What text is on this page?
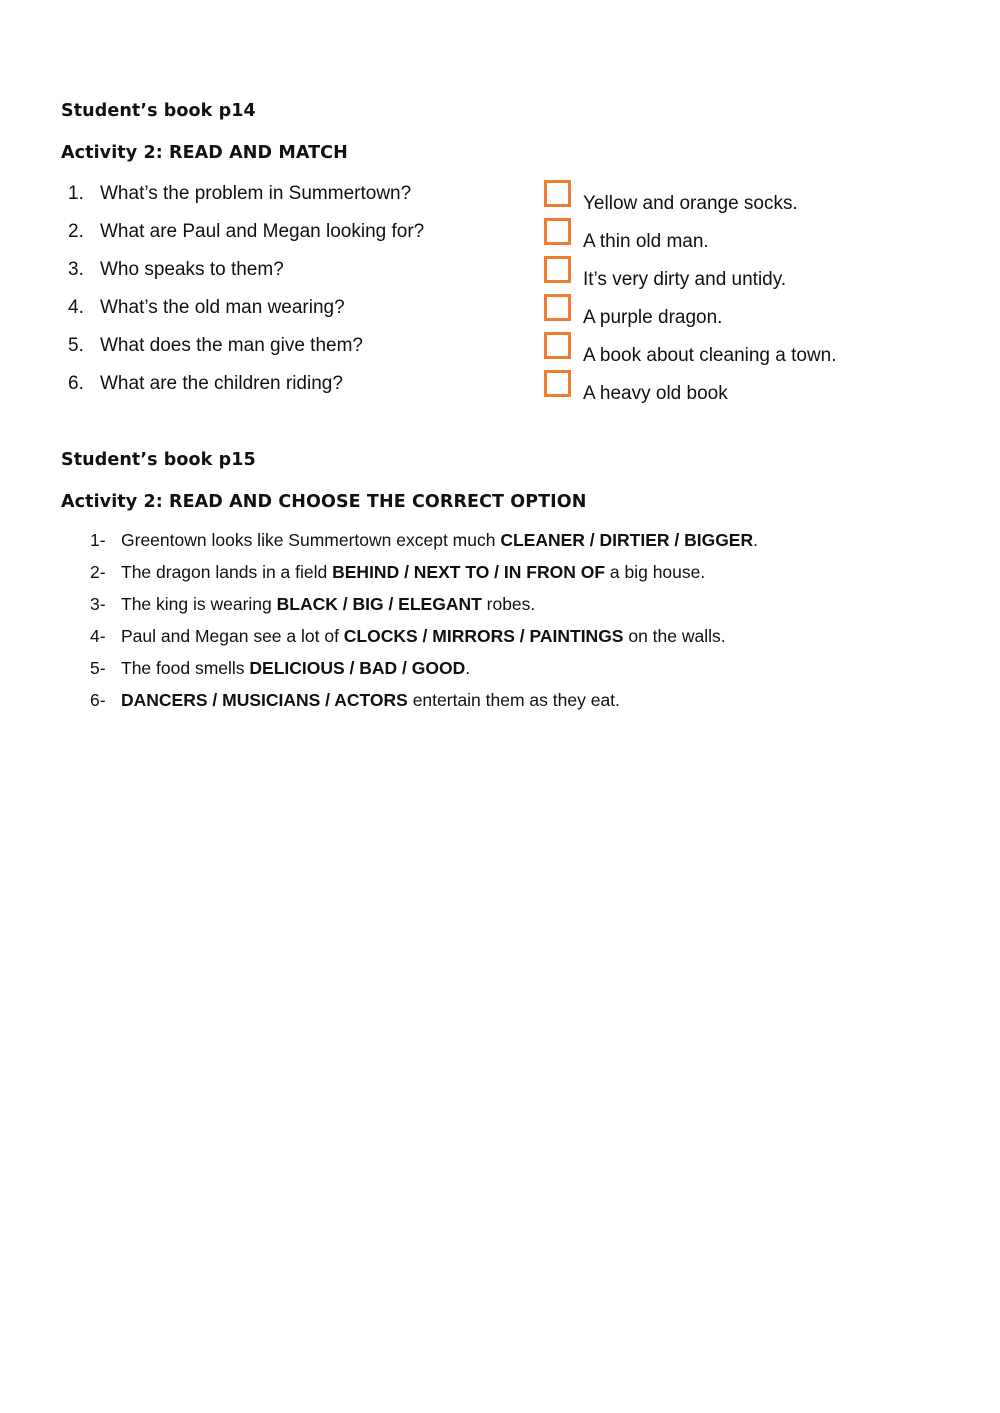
Student’s book p14
Activity 2: READ AND MATCH
1. What’s the problem in Summertown?
2. What are Paul and Megan looking for?
3. Who speaks to them?
4. What’s the old man wearing?
5. What does the man give them?
6. What are the children riding?
Yellow and orange socks.
A thin old man.
It’s very dirty and untidy.
A purple dragon.
A book about cleaning a town.
A heavy old book
Student’s book p15
Activity 2: READ AND CHOOSE THE CORRECT OPTION
1- Greentown looks like Summertown except much CLEANER / DIRTIER / BIGGER.
2- The dragon lands in a field BEHIND / NEXT TO / IN FRON OF a big house.
3- The king is wearing BLACK / BIG / ELEGANT robes.
4- Paul and Megan see a lot of CLOCKS / MIRRORS / PAINTINGS on the walls.
5- The food smells DELICIOUS / BAD / GOOD.
6- DANCERS / MUSICIANS / ACTORS entertain them as they eat.
